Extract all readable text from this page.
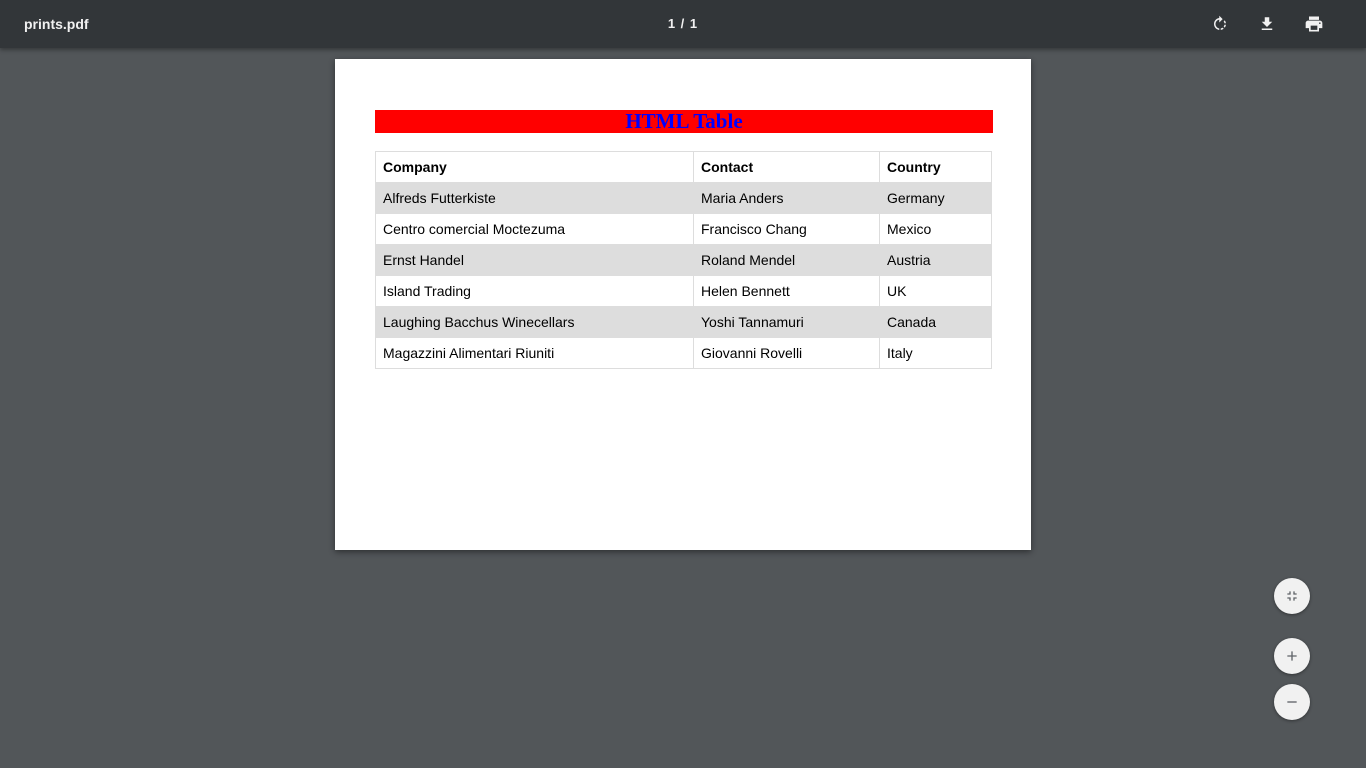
prints.pdf	1 / 1
HTML Table
Company	Contact	Country
Alfreds Futterkiste	Maria Anders	Germany
Centro comercial Moctezuma	Francisco Chang	Mexico
Ernst Handel	Roland Mendel	Austria
Island Trading	Helen Bennett	UK
Laughing Bacchus Winecellars	Yoshi Tannamuri	Canada
Magazzini Alimentari Riuniti	Giovanni Rovelli	Italy
